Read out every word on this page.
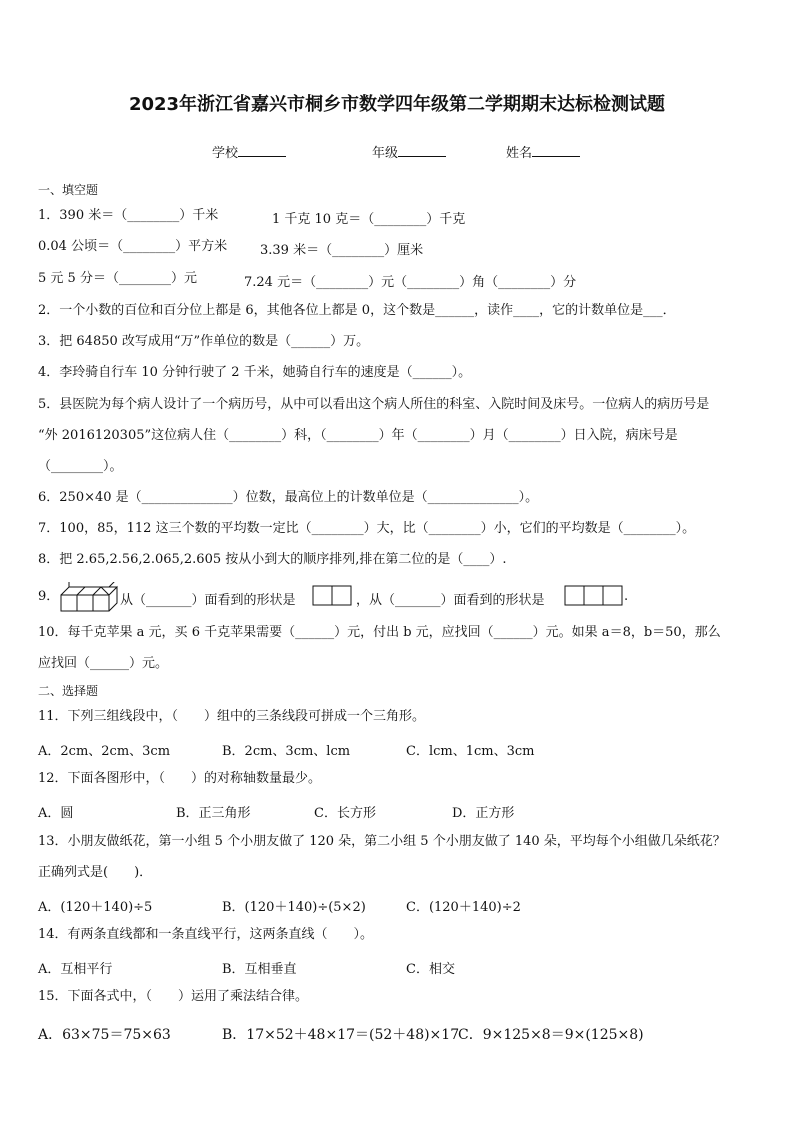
2023年浙江省嘉兴市桐乡市数学四年级第二学期期末达标检测试题
学校	年级	姓名
一、填空题
1．390 米＝（________）千米	1 千克 10 克＝（________）千克
0.04 公顷＝（________）平方米	3.39 米＝（________）厘米
5 元 5 分＝（________）元	7.24 元＝（________）元（________）角（________）分
2．一个小数的百位和百分位上都是 6，其他各位上都是 0，这个数是______，读作____，它的计数单位是___．
3．把 64850 改写成用“万”作单位的数是（______）万。
4．李玲骑自行车 10 分钟行驶了 2 千米，她骑自行车的速度是（______）。
5．县医院为每个病人设计了一个病历号，从中可以看出这个病人所住的科室、入院时间及床号。一位病人的病历号是
“外 2016120305”这位病人住（________）科，（________）年（________）月（________）日入院，病床号是
（________）。
6．250×40 是（______________）位数，最高位上的计数单位是（______________）。
7．100，85，112 这三个数的平均数一定比（________）大，比（________）小，它们的平均数是（________）。
8．把 2.65,2.56,2.065,2.605 按从小到大的顺序排列,排在第二位的是（____）.
9．	从（_______）面看到的形状是	，从（_______）面看到的形状是	.
10．每千克苹果 a 元，买 6 千克苹果需要（______）元，付出 b 元，应找回（______）元。如果 a＝8，b＝50，那么
应找回（______）元。
二、选择题
11．下列三组线段中，（　　）组中的三条线段可拼成一个三角形。
A．2cm、2cm、3cm	B．2cm、3cm、lcm	C．lcm、1cm、3cm
12．下面各图形中，（　　）的对称轴数量最少。
A．圆	B．正三角形	C．长方形	D．正方形
13．小朋友做纸花，第一小组 5 个小朋友做了 120 朵，第二小组 5 个小朋友做了 140 朵，平均每个小组做几朵纸花？
正确列式是(　　)．
A．(120＋140)÷5	B．(120＋140)÷(5×2)	C．(120＋140)÷2
14．有两条直线都和一条直线平行，这两条直线（　　）。
A．互相平行	B．互相垂直	C．相交
15．下面各式中，（　　）运用了乘法结合律。
A．63×75＝75×63	B．17×52＋48×17＝(52＋48)×17
C．9×125×8＝9×(125×8)
